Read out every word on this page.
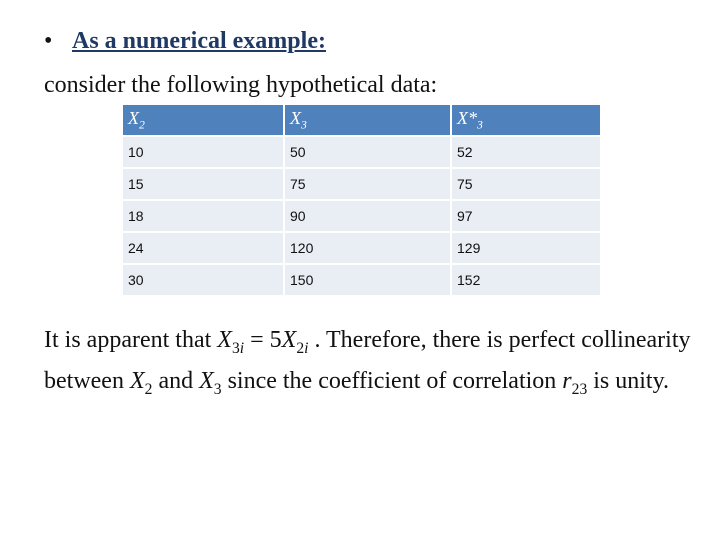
• As a numerical example:
consider the following hypothetical data:
$X_2$	$X_3$	$X*_3$
10	50	52
15	75	75
18	90	97
24	120	129
30	150	152
It is apparent that $X_{3i} = 5X_{2i}$ . Therefore, there is perfect collinearity between $X_2$ and $X_3$ since the coefficient of correlation $r_{23}$ is unity.
